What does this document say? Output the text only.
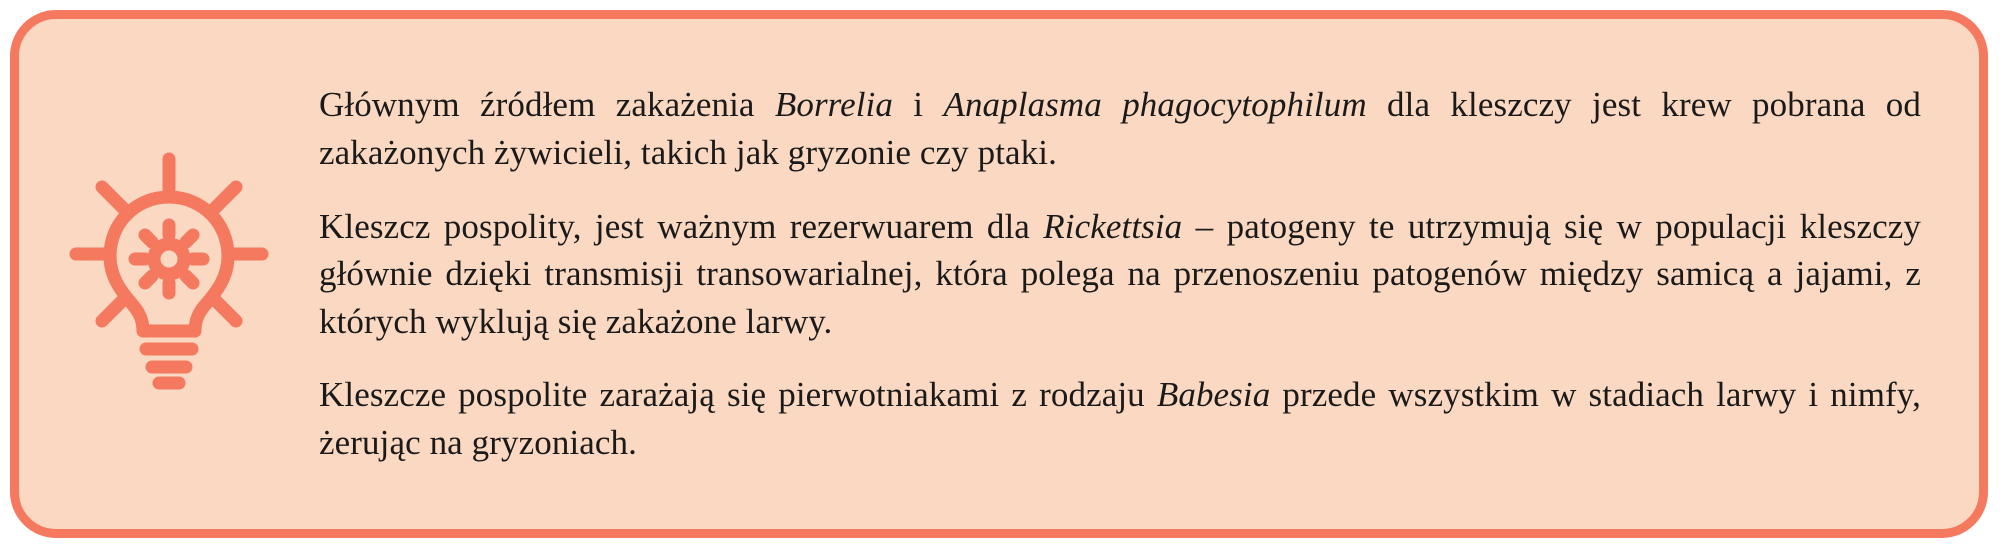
Głównym źródłem zakażenia Borrelia i Anaplasma phagocytophilum dla kleszczy jest krew pobrana od zakażonych żywicieli, takich jak gryzonie czy ptaki.

Kleszcz pospolity, jest ważnym rezerwuarem dla Rickettsia – patogeny te utrzymują się w populacji kleszczy głównie dzięki transmisji transowarialnej, która polega na przenoszeniu patogenów między samicą a jajami, z których wyklują się zakażone larwy.

Kleszcze pospolite zarażają się pierwotniakami z rodzaju Babesia przede wszystkim w stadiach larwy i nimfy, żerując na gryzoniach.
